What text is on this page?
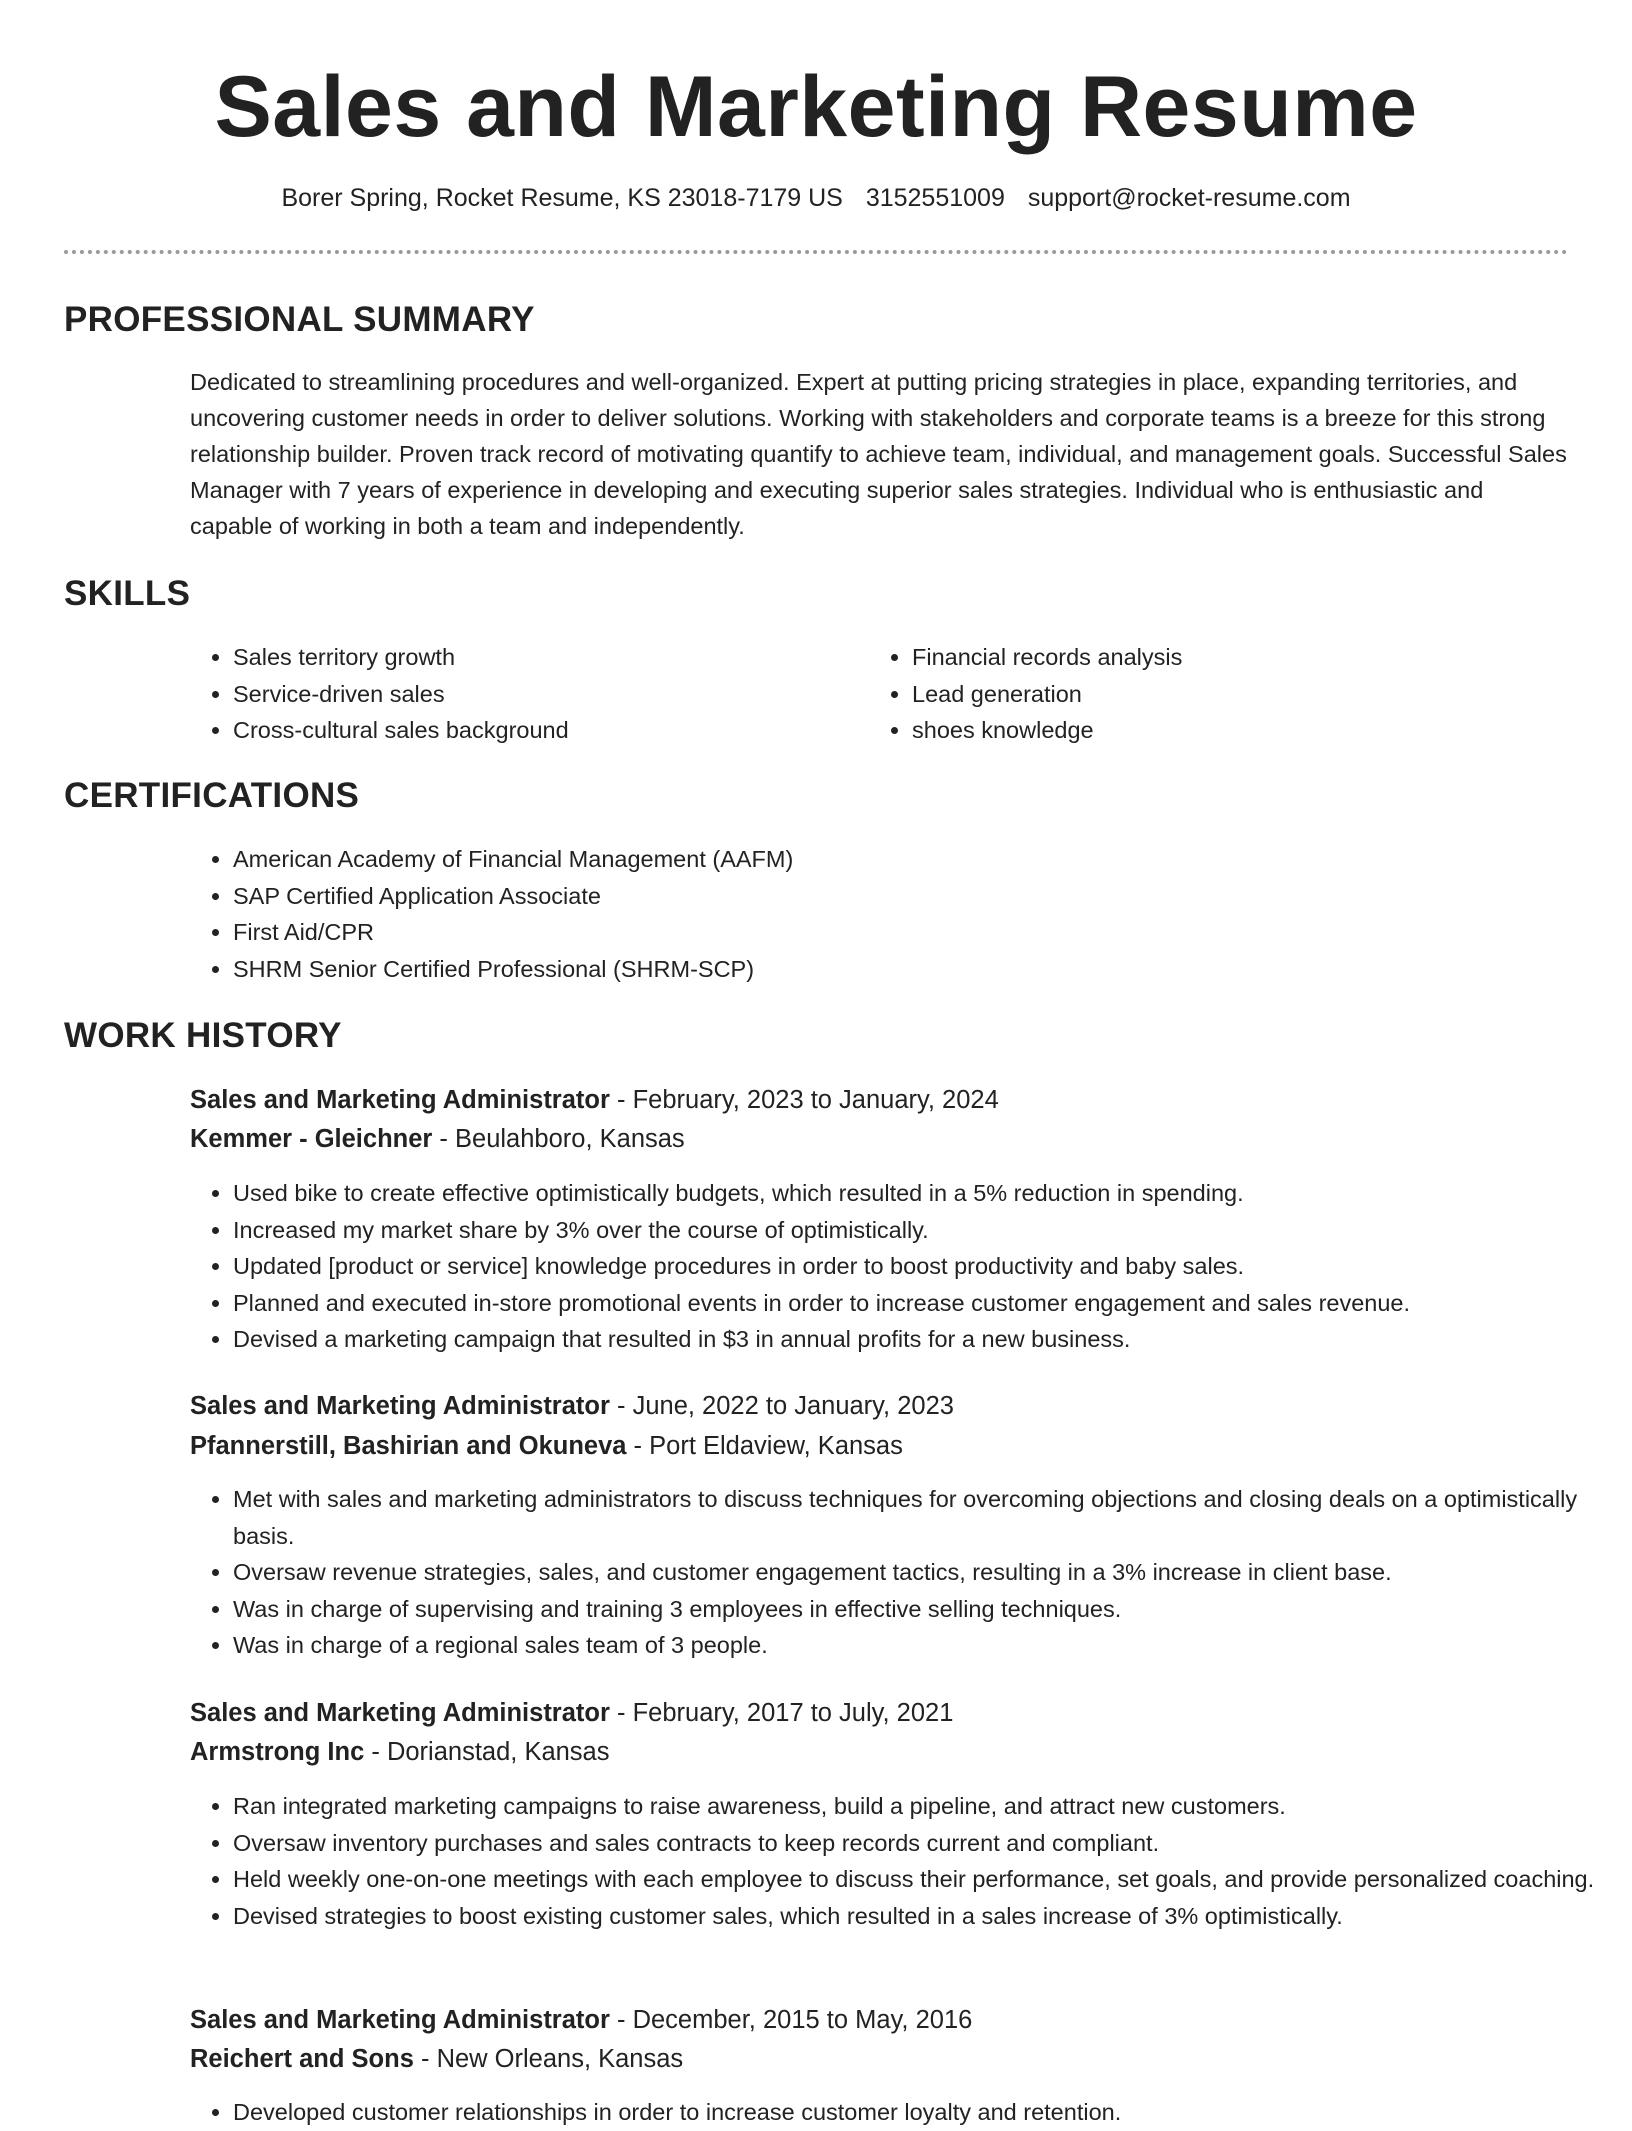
Sales and Marketing Resume
Borer Spring, Rocket Resume, KS 23018-7179 US 3152551009 support@rocket-resume.com
PROFESSIONAL SUMMARY

Dedicated to streamlining procedures and well-organized. Expert at putting pricing strategies in place, expanding territories, and uncovering customer needs in order to deliver solutions. Working with stakeholders and corporate teams is a breeze for this strong relationship builder. Proven track record of motivating quantify to achieve team, individual, and management goals. Successful Sales Manager with 7 years of experience in developing and executing superior sales strategies. Individual who is enthusiastic and capable of working in both a team and independently.

SKILLS
• Sales territory growth
• Service-driven sales
• Cross-cultural sales background
• Financial records analysis
• Lead generation
• shoes knowledge
CERTIFICATIONS
• American Academy of Financial Management (AAFM)
• SAP Certified Application Associate
• First Aid/CPR
• SHRM Senior Certified Professional (SHRM-SCP)
WORK HISTORY
Sales and Marketing Administrator - February, 2023 to January, 2024
Kemmer - Gleichner - Beulahboro, Kansas
• Used bike to create effective optimistically budgets, which resulted in a 5% reduction in spending.
• Increased my market share by 3% over the course of optimistically.
• Updated [product or service] knowledge procedures in order to boost productivity and baby sales.
• Planned and executed in-store promotional events in order to increase customer engagement and sales revenue.
• Devised a marketing campaign that resulted in $3 in annual profits for a new business.
Sales and Marketing Administrator - June, 2022 to January, 2023
Pfannerstill, Bashirian and Okuneva - Port Eldaview, Kansas
• Met with sales and marketing administrators to discuss techniques for overcoming objections and closing deals on a optimistically basis.
• Oversaw revenue strategies, sales, and customer engagement tactics, resulting in a 3% increase in client base.
• Was in charge of supervising and training 3 employees in effective selling techniques.
• Was in charge of a regional sales team of 3 people.
Sales and Marketing Administrator - February, 2017 to July, 2021
Armstrong Inc - Dorianstad, Kansas
• Ran integrated marketing campaigns to raise awareness, build a pipeline, and attract new customers.
• Oversaw inventory purchases and sales contracts to keep records current and compliant.
• Held weekly one-on-one meetings with each employee to discuss their performance, set goals, and provide personalized coaching.
• Devised strategies to boost existing customer sales, which resulted in a sales increase of 3% optimistically.
Sales and Marketing Administrator - December, 2015 to May, 2016
Reichert and Sons - New Orleans, Kansas
• Developed customer relationships in order to increase customer loyalty and retention.
